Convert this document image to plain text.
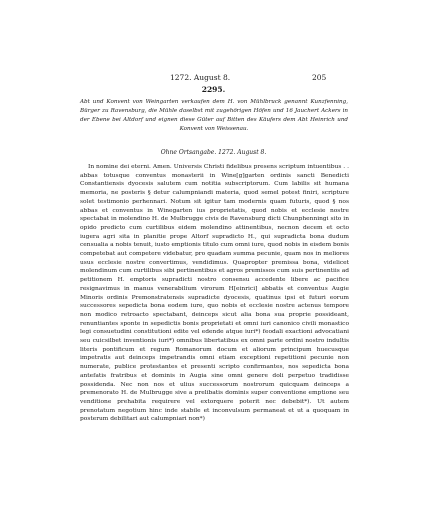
1272. August 8.	205
2295.
Abt und Konvent von Weingarten verkaufen dem H. von Mühlbruck genannt Kunzfenning, Bürger zu Ravensburg, die Mühle daselbst mit zugehörigen Höfen und 16 Jauchert Ackers in der Ebene bei Altdorf und eignen diese Güter auf Bitten des Käufers dem Abt Heinrich und Konvent von Weissenau.
Ohne Ortsangabe. 1272. August 8.

In nomine dei eterni. Amen. Universis Christi fidelibus presens scriptum intuentibus . . abbas totusque conventus monasterii in Wine[g]garten ordinis sancti Benedicti Constantiensis dyocesis salutem cum notitia subscriptorum. Cum labilis sit humana memoria, ne posteris § detur calumpniandi materia, quod semel potest finiri, scripture solet testimonio perhennari. Notum sit igitur tam modernis quam futuris, quod § nos abbas et conventus in Winegarten ius proprietatis, quod nobis et ecclesie nostre spectabat in molendino H. de Mulbrugge civis de Ravensburg dicti Chunphenningi sito in opido predicto cum curtilibus eidem molendino attinentibus, necnon decem et octo iugera agri sita in planitie prope Altorf supradicto H., qui supradicta bona dudum censualia a nobis tenuit, iusto emptionis titulo cum omni iure, quod nobis in eisdem bonis competebat aut competere videbatur, pro quadam summa pecunie, quam nos in meliores usus ecclesie nostre convertimus, vendidimus. Quapropter premissa bona, videlicet molendinum cum curtilibus sibi pertinentibus et agros premissos cum suis pertinentiis ad petitionem H. emptoris supradicti nostro consensu accedente libere ac pacifice resignavimus in manus venerabilium virorum H[einrici] abbatis et conventus Augie Minoris ordinis Premonstratensis supradicte dyocesis, quatinus ipsi et futuri eorum successores sepedicta bona eodem iure, quo nobis et ecclesie nostre actenus tempore non modico retroacto spectabant, deinceps sicut alia bona sua proprie possideant, renuntiantes sponte in sepedictis bonis proprietati et omni iuri canonico civili monastico legi consuetudini constitutioni edite vel edende atque iuri*) feodali exactioni advocatiani seu cuicsilbet inventionis iuri*) omnibus libertatibus ex omni parte ordini nostro indultis literis pontificum et regum Romanorum docum et aliorum principum huecusque impetratis aut deinceps impetrandis omni etiam exceptioni repetitioni pecunie non numerate, publice protestantes et presenti scripto confirmantes, nos sepedicta bona antefatis fratribus et dominis in Augia sine omni genere doli perpetuo tradidisse possidenda. Nec non nos et ulius successorum nostrorum quicquam deinceps a premenorato H. de Mulbrugge sive a prelibatis dominis super conventione emptione seu venditione prehabita requirere vel extorquere poterit nec debebit*). Ut autem prenotatum negotium hinc inde stabile et inconvulsum permaneat et ut a quoquam in posterum debilitari aut calumpniari non*)
